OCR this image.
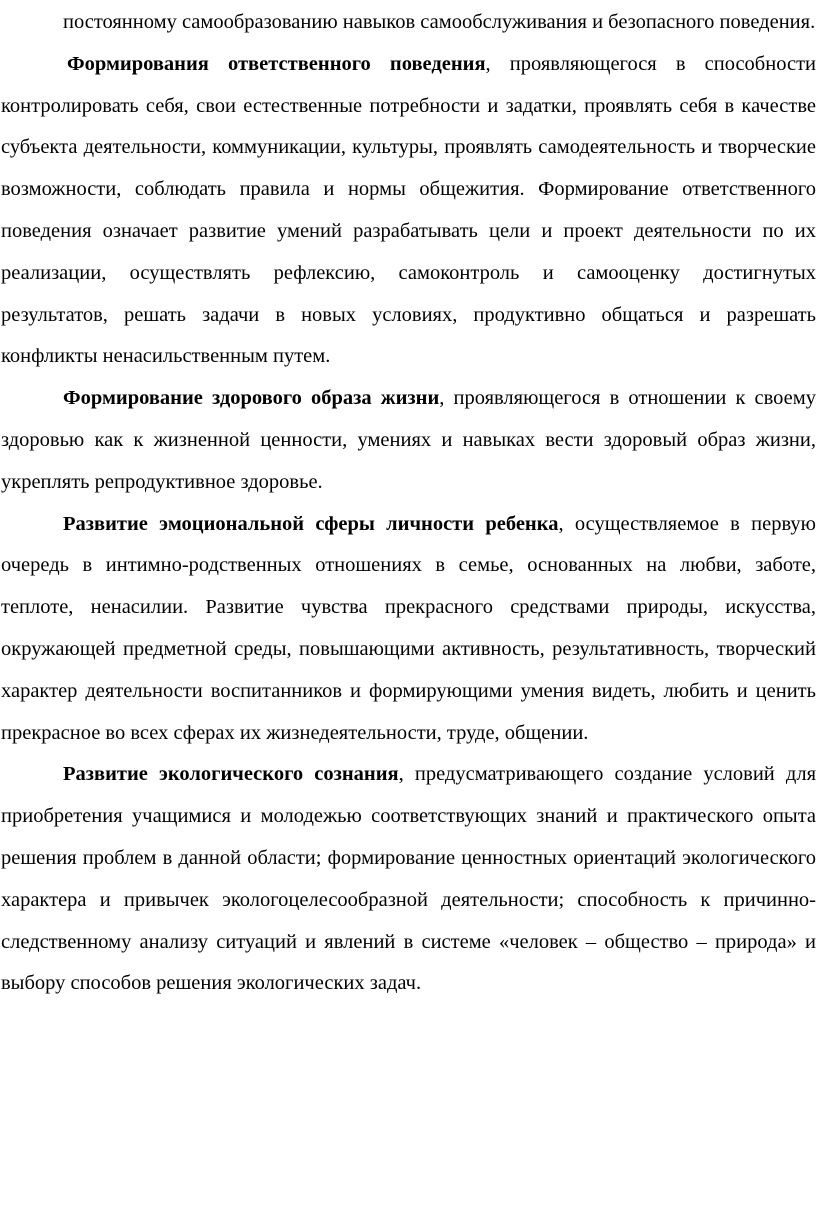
постоянному самообразованию навыков самообслуживания и безопасного поведения.

Формирования ответственного поведения, проявляющегося в способности контролировать себя, свои естественные потребности и задатки, проявлять себя в качестве субъекта деятельности, коммуникации, культуры, проявлять самодеятельность и творческие возможности, соблюдать правила и нормы общежития. Формирование ответственного поведения означает развитие умений разрабатывать цели и проект деятельности по их реализации, осуществлять рефлексию, самоконтроль и самооценку достигнутых результатов, решать задачи в новых условиях, продуктивно общаться и разрешать конфликты ненасильственным путем.

Формирование здорового образа жизни, проявляющегося в отношении к своему здоровью как к жизненной ценности, умениях и навыках вести здоровый образ жизни, укреплять репродуктивное здоровье.

Развитие эмоциональной сферы личности ребенка, осуществляемое в первую очередь в интимно-родственных отношениях в семье, основанных на любви, заботе, теплоте, ненасилии. Развитие чувства прекрасного средствами природы, искусства, окружающей предметной среды, повышающими активность, результативность, творческий характер деятельности воспитанников и формирующими умения видеть, любить и ценить прекрасное во всех сферах их жизнедеятельности, труде, общении.

Развитие экологического сознания, предусматривающего создание условий для приобретения учащимися и молодежью соответствующих знаний и практического опыта решения проблем в данной области; формирование ценностных ориентаций экологического характера и привычек экологоцелесообразной деятельности; способность к причинно-следственному анализу ситуаций и явлений в системе «человек – общество – природа» и выбору способов решения экологических задач.
